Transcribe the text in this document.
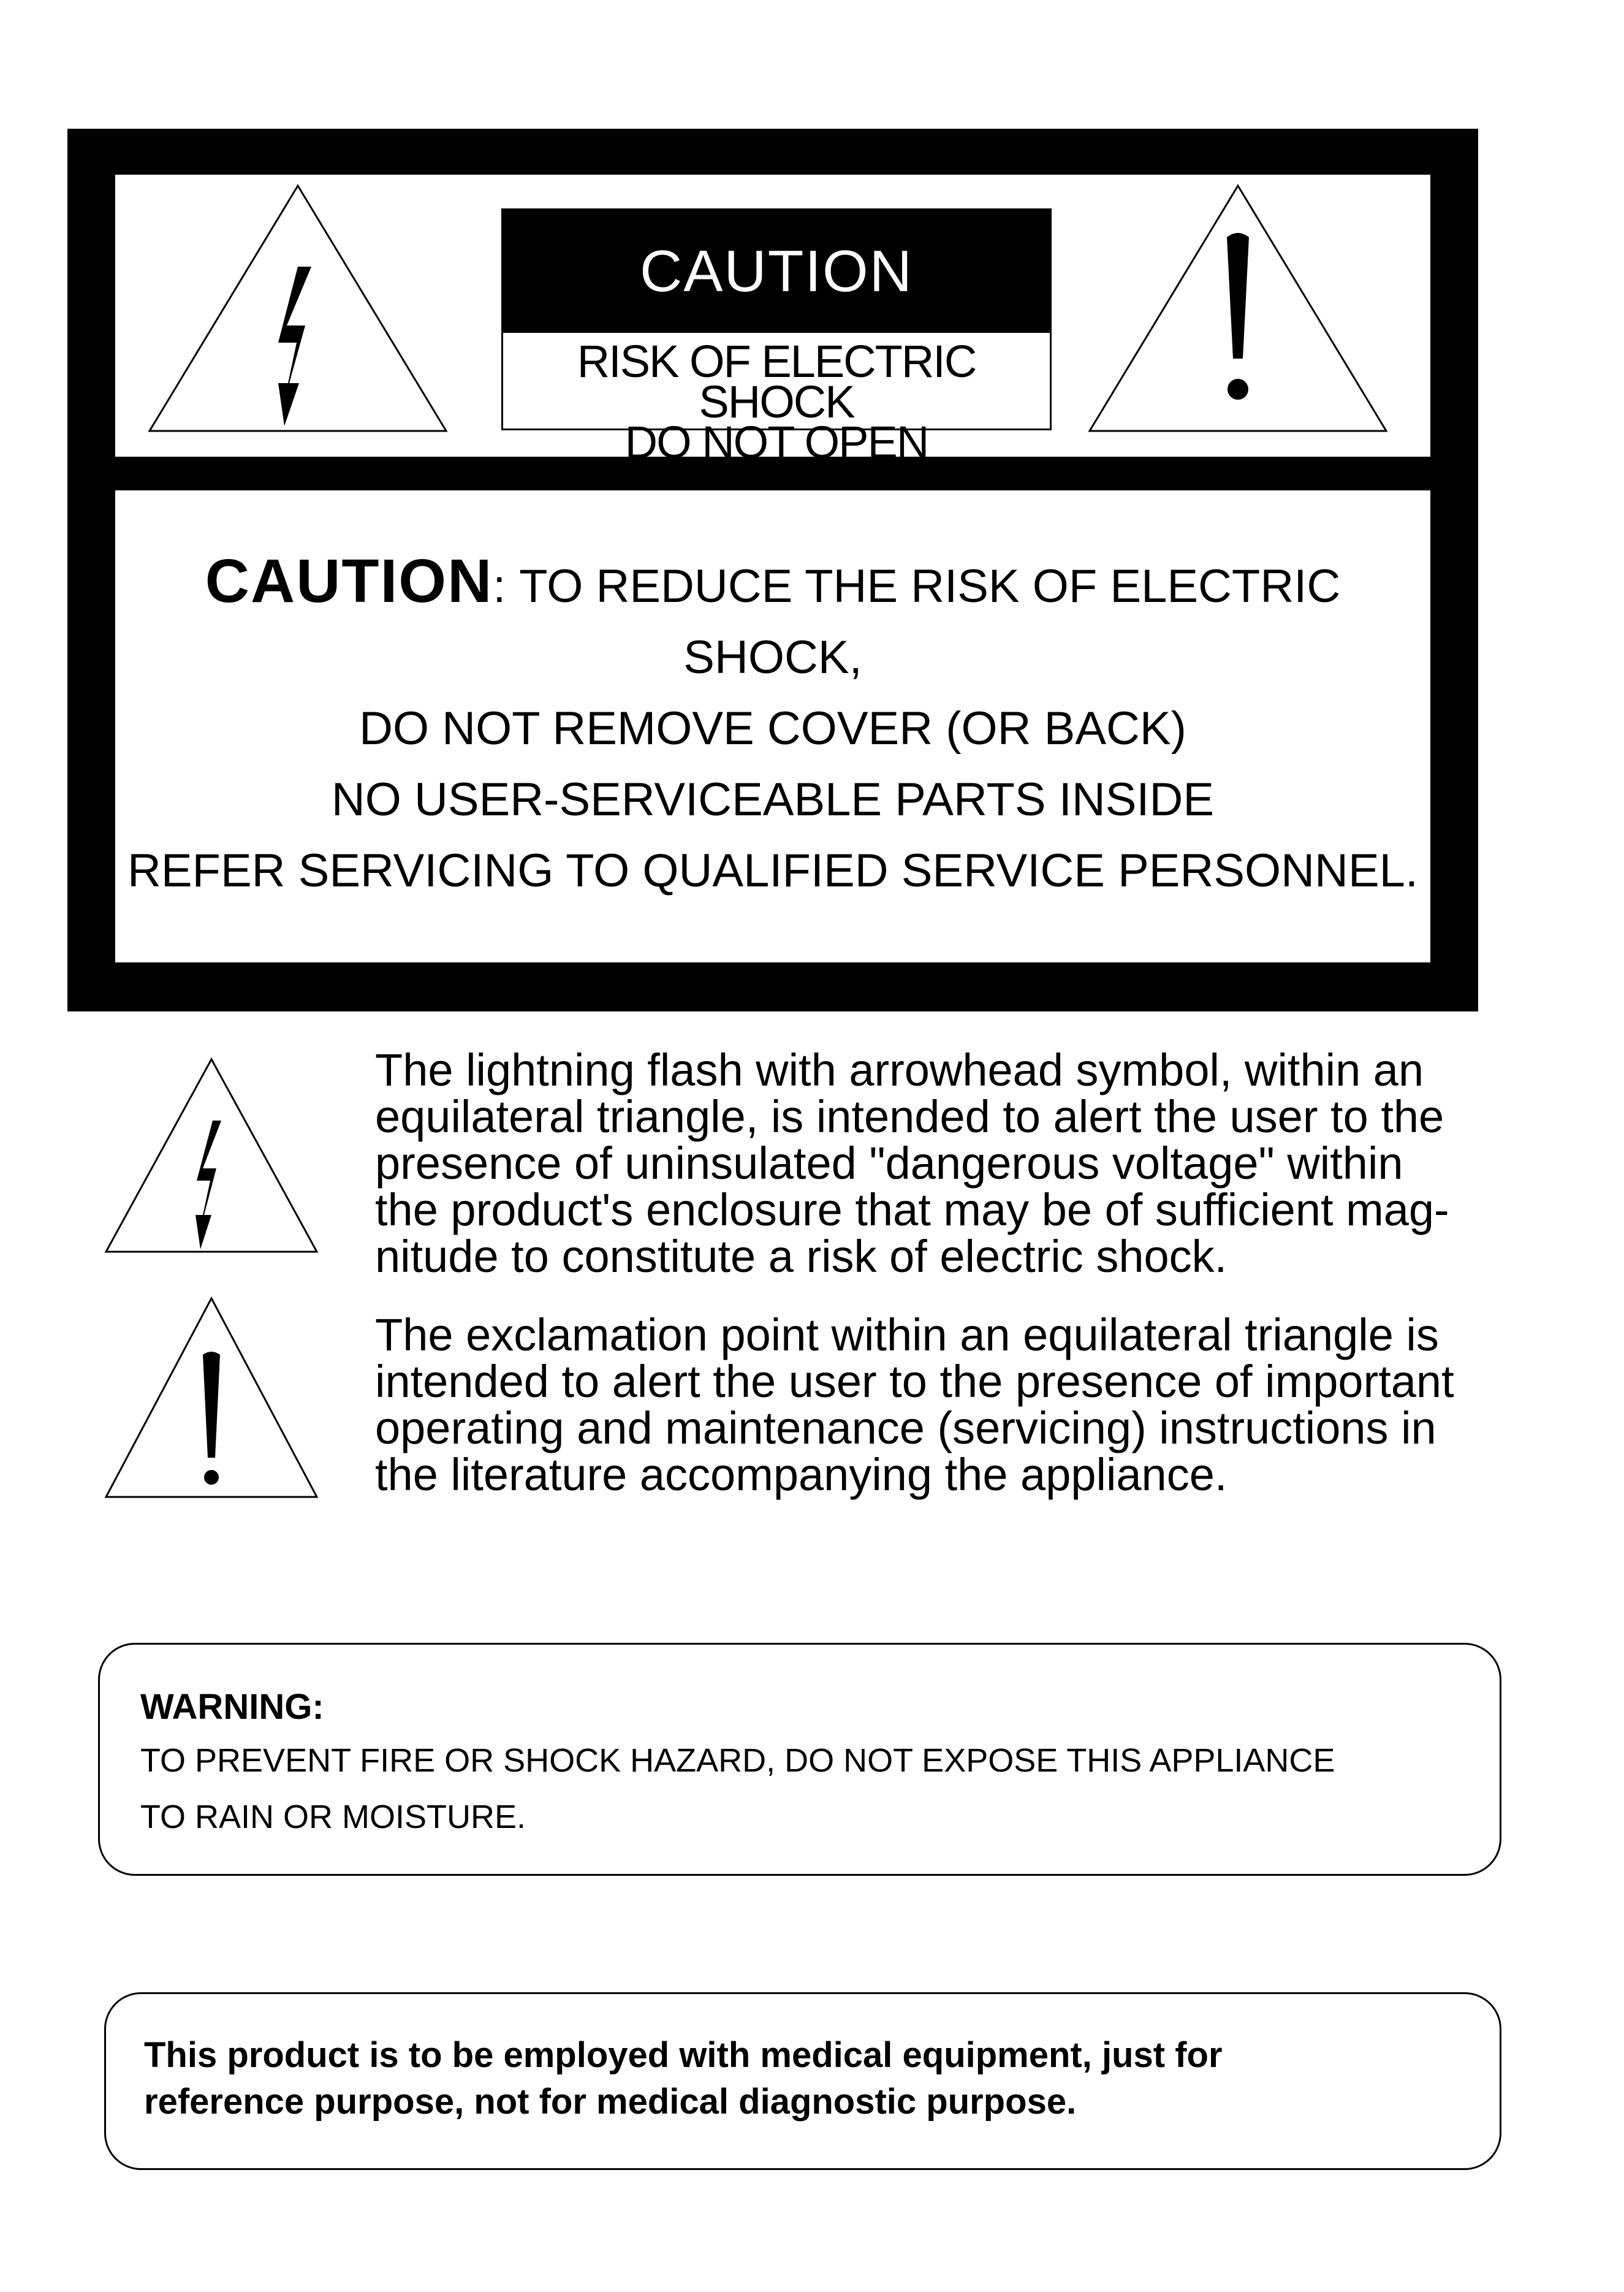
CAUTION
RISK OF ELECTRIC SHOCK
DO NOT OPEN
CAUTION: TO REDUCE THE RISK OF ELECTRIC
SHOCK,
DO NOT REMOVE COVER (OR BACK)
NO USER-SERVICEABLE PARTS INSIDE
REFER SERVICING TO QUALIFIED SERVICE PERSONNEL.
The lightning flash with arrowhead symbol, within an
equilateral triangle, is intended to alert the user to the
presence of uninsulated "dangerous voltage" within
the product's enclosure that may be of sufficient mag-
nitude to constitute a risk of electric shock.
The exclamation point within an equilateral triangle is
intended to alert the user to the presence of important
operating and maintenance (servicing) instructions in
the literature accompanying the appliance.
WARNING:
TO PREVENT FIRE OR SHOCK HAZARD, DO NOT EXPOSE THIS APPLIANCE
TO RAIN OR MOISTURE.
This product is to be employed with medical equipment, just for
reference purpose, not for medical diagnostic purpose.
